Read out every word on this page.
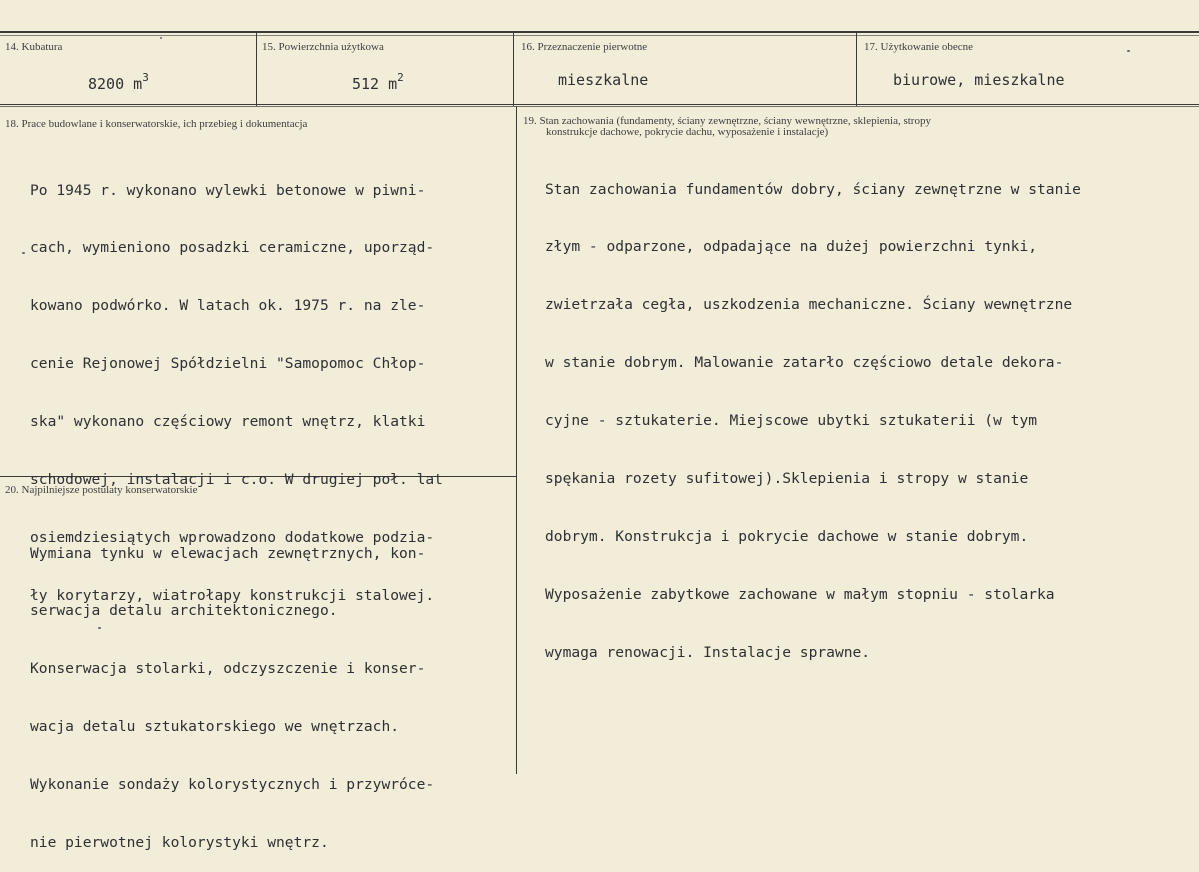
14. Kubatura
8200 $m^3$
15. Powierzchnia użytkowa
512 $m^2$
16. Przeznaczenie pierwotne
mieszkalne
17. Użytkowanie obecne
biurowe, mieszkalne
18. Prace budowlane i konserwatorskie, ich przebieg i dokumentacja

Po 1945 r. wykonano wylewki betonowe w piwni-

cach, wymieniono posadzki ceramiczne, uporząd-

kowano podwórko. W latach ok. 1975 r. na zle-

cenie Rejonowej Spółdzielni "Samopomoc Chłop-

ska" wykonano częściowy remont wnętrz, klatki

schodowej, instalacji i c.o. W drugiej poł. lat

osiemdziesiątych wprowadzono dodatkowe podzia-

ły korytarzy, wiatrołapy konstrukcji stalowej.

19. Stan zachowania (fundamenty, ściany zewnętrzne, ściany wewnętrzne, sklepienia, stropy
konstrukcje dachowe, pokrycie dachu, wyposażenie i instalacje)

Stan zachowania fundamentów dobry, ściany zewnętrzne w stanie

złym - odparzone, odpadające na dużej powierzchni tynki,

zwietrzała cegła, uszkodzenia mechaniczne. Ściany wewnętrzne

w stanie dobrym. Malowanie zatarło częściowo detale dekora-

cyjne - sztukaterie. Miejscowe ubytki sztukaterii (w tym

spękania rozety sufitowej).Sklepienia i stropy w stanie

dobrym. Konstrukcja i pokrycie dachowe w stanie dobrym.

Wyposażenie zabytkowe zachowane w małym stopniu - stolarka

wymaga renowacji. Instalacje sprawne.

20. Najpilniejsze postulaty konserwatorskie

Wymiana tynku w elewacjach zewnętrznych, kon-

serwacja detalu architektonicznego.

Konserwacja stolarki, odczyszczenie i konser-

wacja detalu sztukatorskiego we wnętrzach.

Wykonanie sondaży kolorystycznych i przywróce-

nie pierwotnej kolorystyki wnętrz.
